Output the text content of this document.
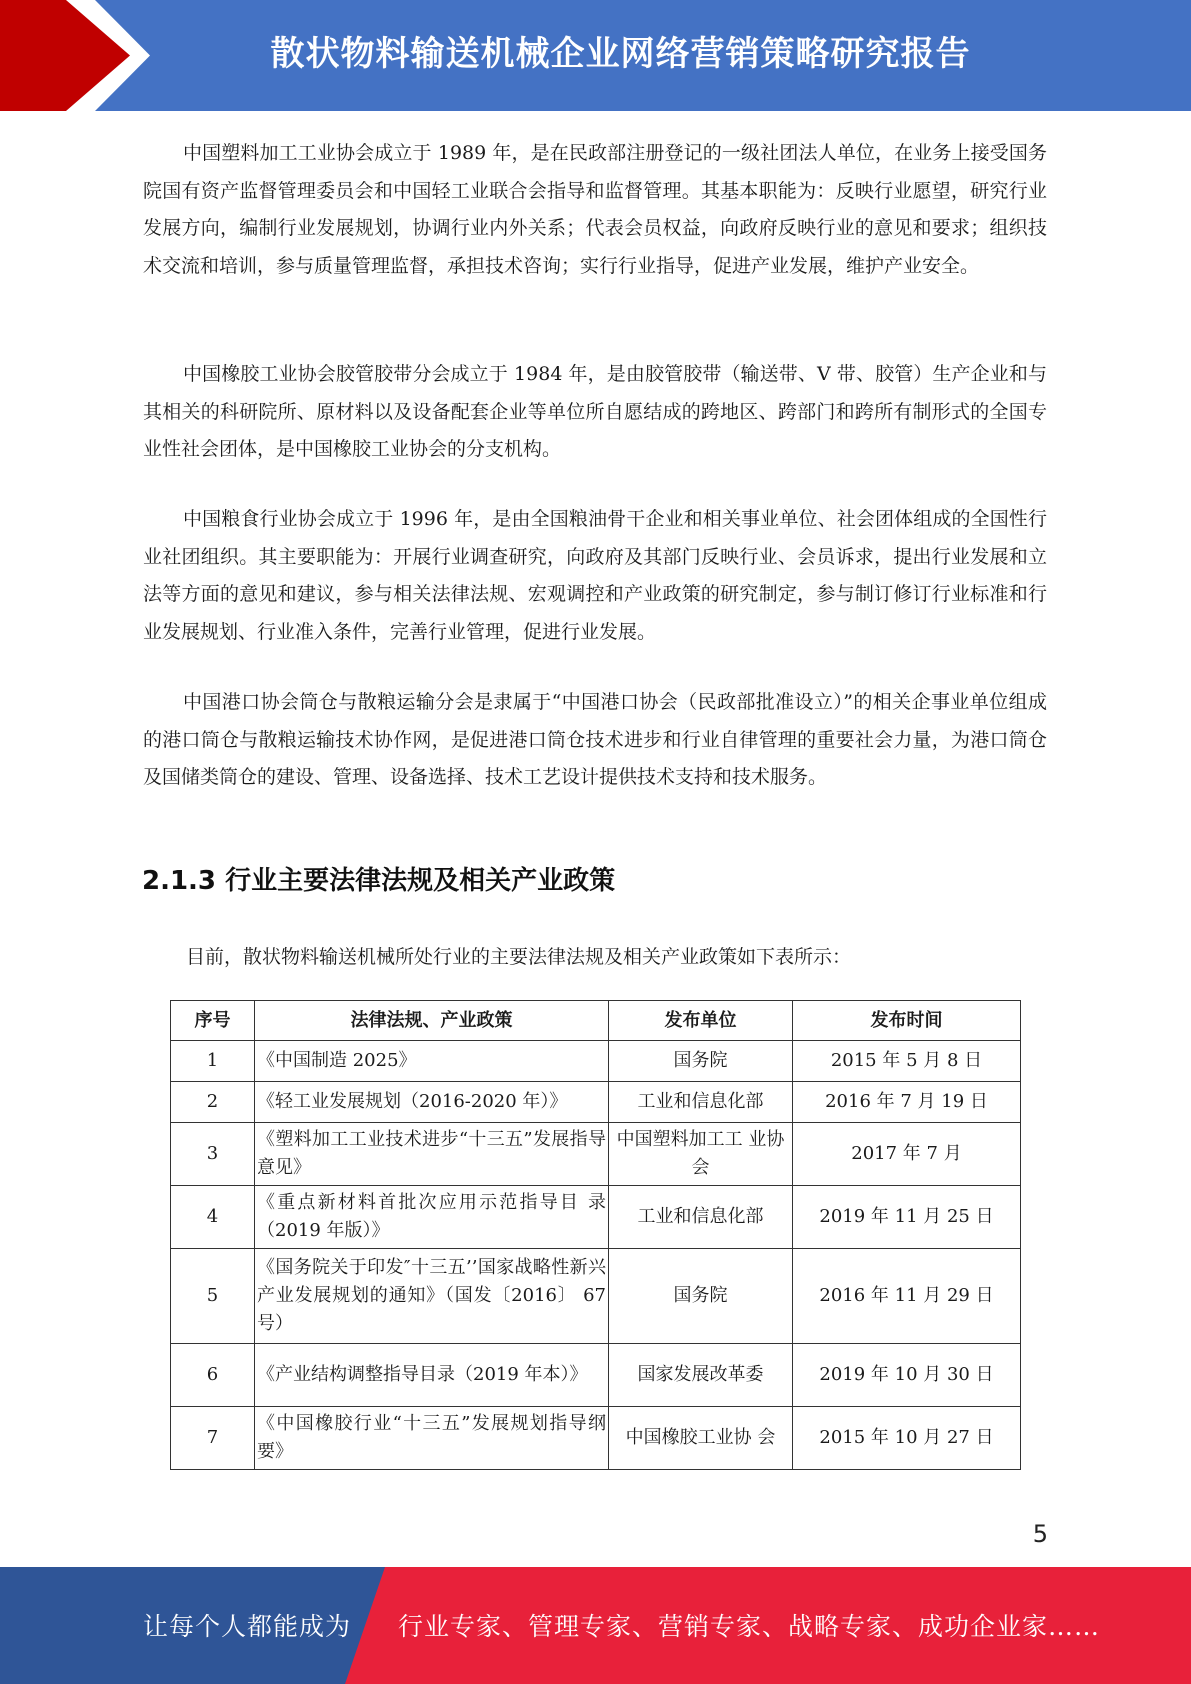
散状物料输送机械企业网络营销策略研究报告

中国塑料加工工业协会成立于 1989 年，是在民政部注册登记的一级社团法人单位，在业务上接受国务院国有资产监督管理委员会和中国轻工业联合会指导和监督管理。其基本职能为：反映行业愿望，研究行业发展方向，编制行业发展规划，协调行业内外关系；代表会员权益，向政府反映行业的意见和要求；组织技术交流和培训，参与质量管理监督，承担技术咨询；实行行业指导，促进产业发展，维护产业安全。

中国橡胶工业协会胶管胶带分会成立于 1984 年，是由胶管胶带（输送带、V 带、胶管）生产企业和与其相关的科研院所、原材料以及设备配套企业等单位所自愿结成的跨地区、跨部门和跨所有制形式的全国专业性社会团体，是中国橡胶工业协会的分支机构。

中国粮食行业协会成立于 1996 年，是由全国粮油骨干企业和相关事业单位、社会团体组成的全国性行业社团组织。其主要职能为：开展行业调查研究，向政府及其部门反映行业、会员诉求，提出行业发展和立法等方面的意见和建议，参与相关法律法规、宏观调控和产业政策的研究制定，参与制订修订行业标准和行业发展规划、行业准入条件，完善行业管理，促进行业发展。

中国港口协会筒仓与散粮运输分会是隶属于“中国港口协会（民政部批准设立）”的相关企事业单位组成的港口筒仓与散粮运输技术协作网，是促进港口筒仓技术进步和行业自律管理的重要社会力量，为港口筒仓及国储类筒仓的建设、管理、设备选择、技术工艺设计提供技术支持和技术服务。

2.1.3 行业主要法律法规及相关产业政策

目前，散状物料输送机械所处行业的主要法律法规及相关产业政策如下表所示：

序号	法律法规、产业政策	发布单位	发布时间
1	《中国制造 2025》	国务院	2015 年 5 月 8 日
2	《轻工业发展规划（2016-2020 年）》	工业和信息化部	2016 年 7 月 19 日
3	《塑料加工工业技术进步“十三五”发展指导意见》	中国塑料加工工 业协会	2017 年 7 月
4	《重点新材料首批次应用示范指导目 录（2019 年版）》	工业和信息化部	2019 年 11 月 25 日
5	《国务院关于印发″十三五’’国家战略性新兴产业发展规划的通知》（国发〔2016〕 67 号）	国务院	2016 年 11 月 29 日
6	《产业结构调整指导目录（2019 年本）》	国家发展改革委	2019 年 10 月 30 日
7	《中国橡胶行业“十三五”发展规划指导纲要》	中国橡胶工业协 会	2015 年 10 月 27 日
5
让每个人都能成为 行业专家、管理专家、营销专家、战略专家、成功企业家……
